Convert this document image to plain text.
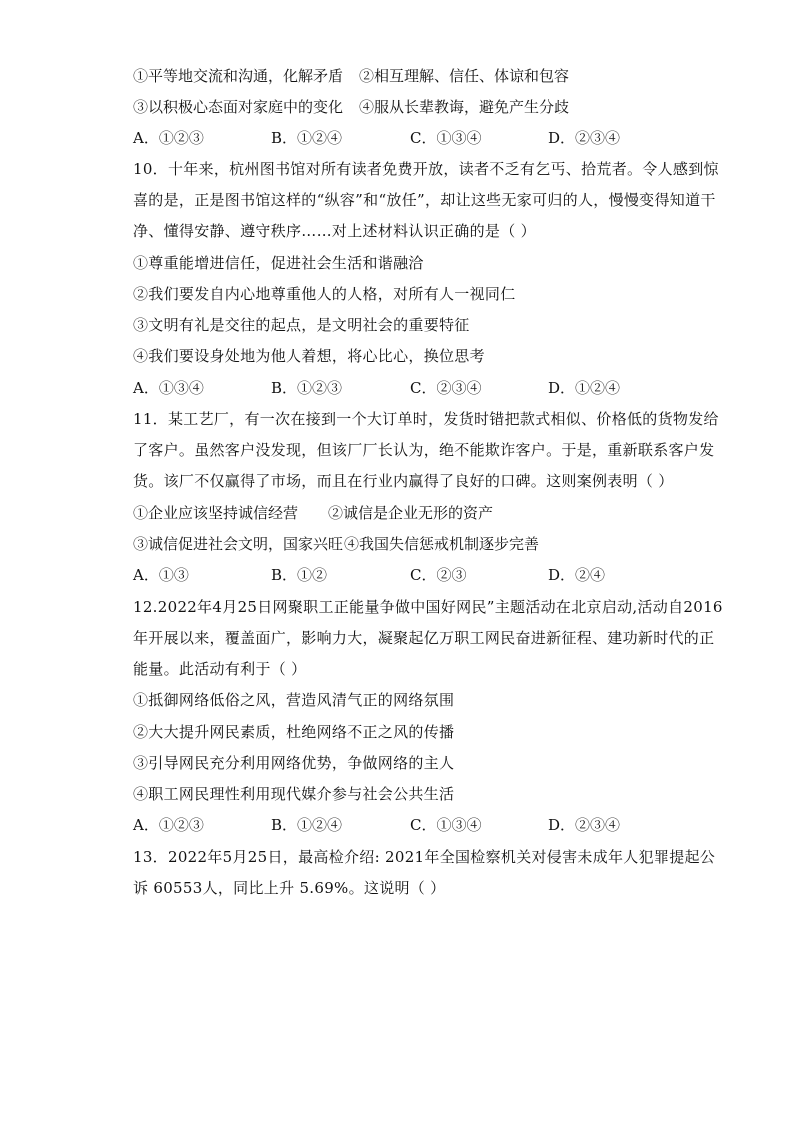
①平等地交流和沟通，化解矛盾 ②相互理解、信任、体谅和包容
③以积极心态面对家庭中的变化 ④服从长辈教诲，避免产生分歧
A．①②③	B．①②④	C．①③④	D．②③④
10．十年来，杭州图书馆对所有读者免费开放，读者不乏有乞丐、拾荒者。令人感到惊
喜的是，正是图书馆这样的“纵容”和“放任”，却让这些无家可归的人，慢慢变得知道干
净、懂得安静、遵守秩序……对上述材料认识正确的是（ ）
①尊重能增进信任，促进社会生活和谐融洽
②我们要发自内心地尊重他人的人格，对所有人一视同仁
③文明有礼是交往的起点，是文明社会的重要特征
④我们要设身处地为他人着想，将心比心，换位思考
A．①③④	B．①②③	C．②③④	D．①②④
11．某工艺厂，有一次在接到一个大订单时，发货时错把款式相似、价格低的货物发给
了客户。虽然客户没发现，但该厂厂长认为，绝不能欺诈客户。于是，重新联系客户发
货。该厂不仅赢得了市场，而且在行业内赢得了良好的口碑。这则案例表明（ ）
①企业应该坚持诚信经营 ②诚信是企业无形的资产
③诚信促进社会文明，国家兴旺 ④我国失信惩戒机制逐步完善
A．①③	B．①②	C．②③	D．②④
12.2022年4月25日网聚职工正能量争做中国好网民”主题活动在北京启动,活动自2016
年开展以来，覆盖面广，影响力大，凝聚起亿万职工网民奋进新征程、建功新时代的正
能量。此活动有利于（ ）
①抵御网络低俗之风，营造风清气正的网络氛围
②大大提升网民素质，杜绝网络不正之风的传播
③引导网民充分利用网络优势，争做网络的主人
④职工网民理性利用现代媒介参与社会公共生活
A．①②③	B．①②④	C．①③④	D．②③④
13．2022年5月25日，最高检介绍: 2021年全国检察机关对侵害未成年人犯罪提起公
诉 60553人，同比上升 5.69%。这说明（ ）
